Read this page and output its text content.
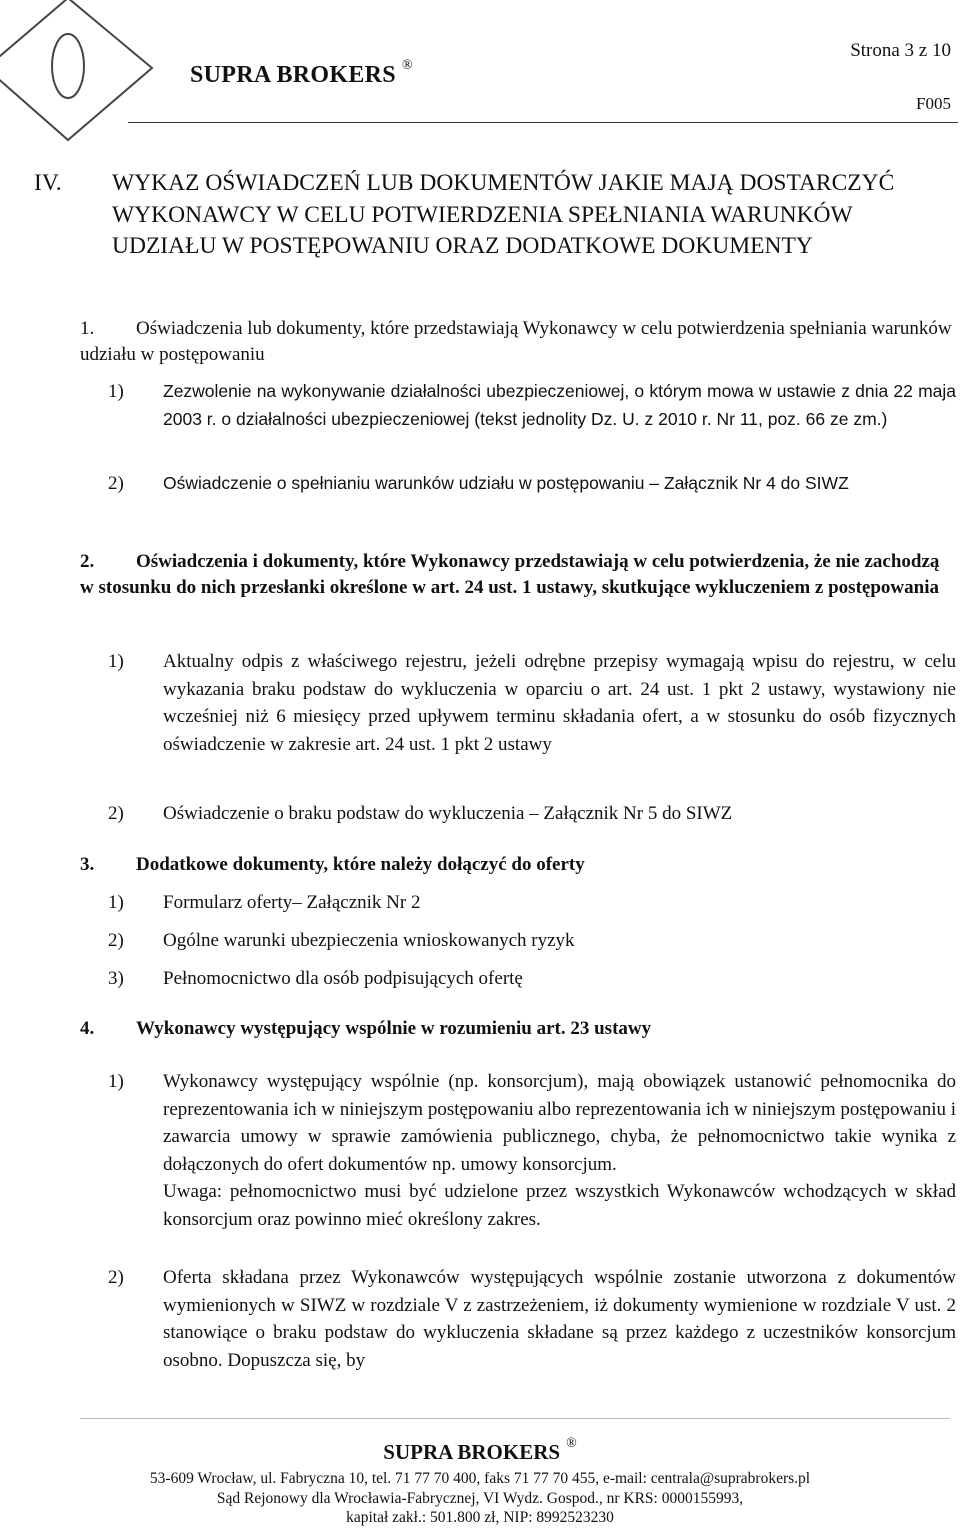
SUPRA BROKERS ®
Strona 3 z 10
F005
IV. WYKAZ OŚWIADCZEŃ LUB DOKUMENTÓW JAKIE MAJĄ DOSTARCZYĆ WYKONAWCY W CELU POTWIERDZENIA SPEŁNIANIA WARUNKÓW UDZIAŁU W POSTĘPOWANIU ORAZ DODATKOWE DOKUMENTY
1.	Oświadczenia lub dokumenty, które przedstawiają Wykonawcy w celu potwierdzenia spełniania warunków udziału w postępowaniu
1) Zezwolenie na wykonywanie działalności ubezpieczeniowej, o którym mowa w ustawie z dnia 22 maja 2003 r. o działalności ubezpieczeniowej (tekst jednolity Dz. U. z 2010 r. Nr 11, poz. 66 ze zm.)
2) Oświadczenie o spełnianiu warunków udziału w postępowaniu – Załącznik Nr 4 do SIWZ
2.	Oświadczenia i dokumenty, które Wykonawcy przedstawiają w celu potwierdzenia, że nie zachodzą w stosunku do nich przesłanki określone w art. 24 ust. 1 ustawy, skutkujące wykluczeniem z postępowania
1) Aktualny odpis z właściwego rejestru, jeżeli odrębne przepisy wymagają wpisu do rejestru, w celu wykazania braku podstaw do wykluczenia w oparciu o art. 24 ust. 1 pkt 2 ustawy, wystawiony nie wcześniej niż 6 miesięcy przed upływem terminu składania ofert, a w stosunku do osób fizycznych oświadczenie w zakresie art. 24 ust. 1 pkt 2 ustawy
2) Oświadczenie o braku podstaw do wykluczenia – Załącznik Nr 5 do SIWZ
3.	Dodatkowe dokumenty, które należy dołączyć do oferty
1) Formularz oferty– Załącznik Nr 2
2) Ogólne warunki ubezpieczenia wnioskowanych ryzyk
3) Pełnomocnictwo dla osób podpisujących ofertę
4.	Wykonawcy występujący wspólnie w rozumieniu art. 23 ustawy
1) Wykonawcy występujący wspólnie (np. konsorcjum), mają obowiązek ustanowić pełnomocnika do reprezentowania ich w niniejszym postępowaniu albo reprezentowania ich w niniejszym postępowaniu i zawarcia umowy w sprawie zamówienia publicznego, chyba, że pełnomocnictwo takie wynika z dołączonych do ofert dokumentów np. umowy konsorcjum.
Uwaga: pełnomocnictwo musi być udzielone przez wszystkich Wykonawców wchodzących w skład konsorcjum oraz powinno mieć określony zakres.
2) Oferta składana przez Wykonawców występujących wspólnie zostanie utworzona z dokumentów wymienionych w SIWZ w rozdziale V z zastrzeżeniem, iż dokumenty wymienione w rozdziale V ust. 2 stanowiące o braku podstaw do wykluczenia składane są przez każdego z uczestników konsorcjum osobno. Dopuszcza się, by
SUPRA BROKERS ®
53-609 Wrocław, ul. Fabryczna 10, tel. 71 77 70 400, faks 71 77 70 455, e-mail: centrala@suprabrokers.pl
Sąd Rejonowy dla Wrocławia-Fabrycznej, VI Wydz. Gospod., nr KRS: 0000155993,
kapitał zakł.: 501.800 zł, NIP: 8992523230
